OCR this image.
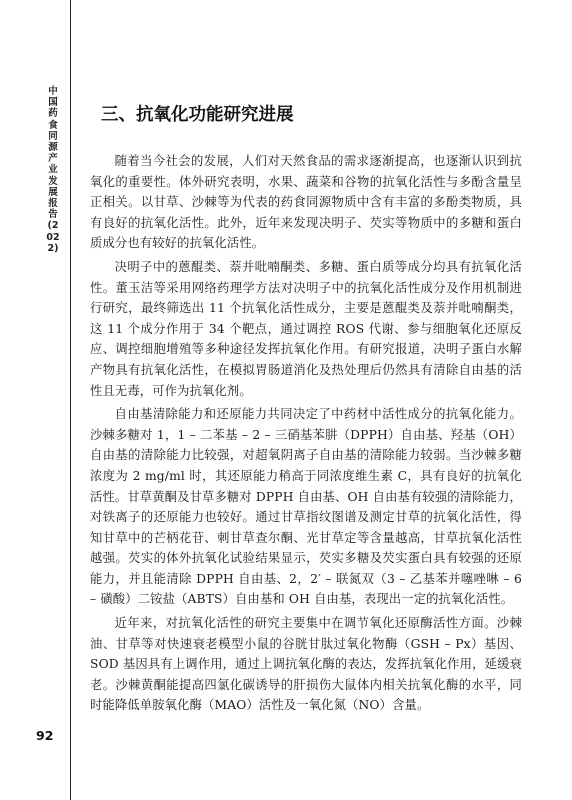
中国药食同源产业发展报告(2022)
三、抗氧化功能研究进展

随着当今社会的发展，人们对天然食品的需求逐渐提高，也逐渐认识到抗氧化的重要性。体外研究表明，水果、蔬菜和谷物的抗氧化活性与多酚含量呈正相关。以甘草、沙棘等为代表的药食同源物质中含有丰富的多酚类物质，具有良好的抗氧化活性。此外，近年来发现决明子、芡实等物质中的多糖和蛋白质成分也有较好的抗氧化活性。

决明子中的蒽醌类、萘并吡喃酮类、多糖、蛋白质等成分均具有抗氧化活性。董玉洁等采用网络药理学方法对决明子中的抗氧化活性成分及作用机制进行研究，最终筛选出 11 个抗氧化活性成分，主要是蒽醌类及萘并吡喃酮类，这 11 个成分作用于 34 个靶点，通过调控 ROS 代谢、参与细胞氧化还原反应、调控细胞增殖等多种途径发挥抗氧化作用。有研究报道，决明子蛋白水解产物具有抗氧化活性，在模拟胃肠道消化及热处理后仍然具有清除自由基的活性且无毒，可作为抗氧化剂。

自由基清除能力和还原能力共同决定了中药材中活性成分的抗氧化能力。沙棘多糖对 1，1 – 二苯基 – 2 – 三硝基苯肼（DPPH）自由基、羟基（OH）自由基的清除能力比较强，对超氧阴离子自由基的清除能力较弱。当沙棘多糖浓度为 2 mg/ml 时，其还原能力稍高于同浓度维生素 C，具有良好的抗氧化活性。甘草黄酮及甘草多糖对 DPPH 自由基、OH 自由基有较强的清除能力，对铁离子的还原能力也较好。通过甘草指纹图谱及测定甘草的抗氧化活性，得知甘草中的芒柄花苷、刺甘草查尔酮、光甘草定等含量越高，甘草抗氧化活性越强。芡实的体外抗氧化试验结果显示，芡实多糖及芡实蛋白具有较强的还原能力，并且能清除 DPPH 自由基、2，2′ – 联氮双（3 – 乙基苯并噻唑啉 – 6 – 磺酸）二铵盐（ABTS）自由基和 OH 自由基，表现出一定的抗氧化活性。

近年来，对抗氧化活性的研究主要集中在调节氧化还原酶活性方面。沙棘油、甘草等对快速衰老模型小鼠的谷胱甘肽过氧化物酶（GSH – Px）基因、SOD 基因具有上调作用，通过上调抗氧化酶的表达，发挥抗氧化作用，延缓衰老。沙棘黄酮能提高四氯化碳诱导的肝损伤大鼠体内相关抗氧化酶的水平，同时能降低单胺氧化酶（MAO）活性及一氧化氮（NO）含量。

92
